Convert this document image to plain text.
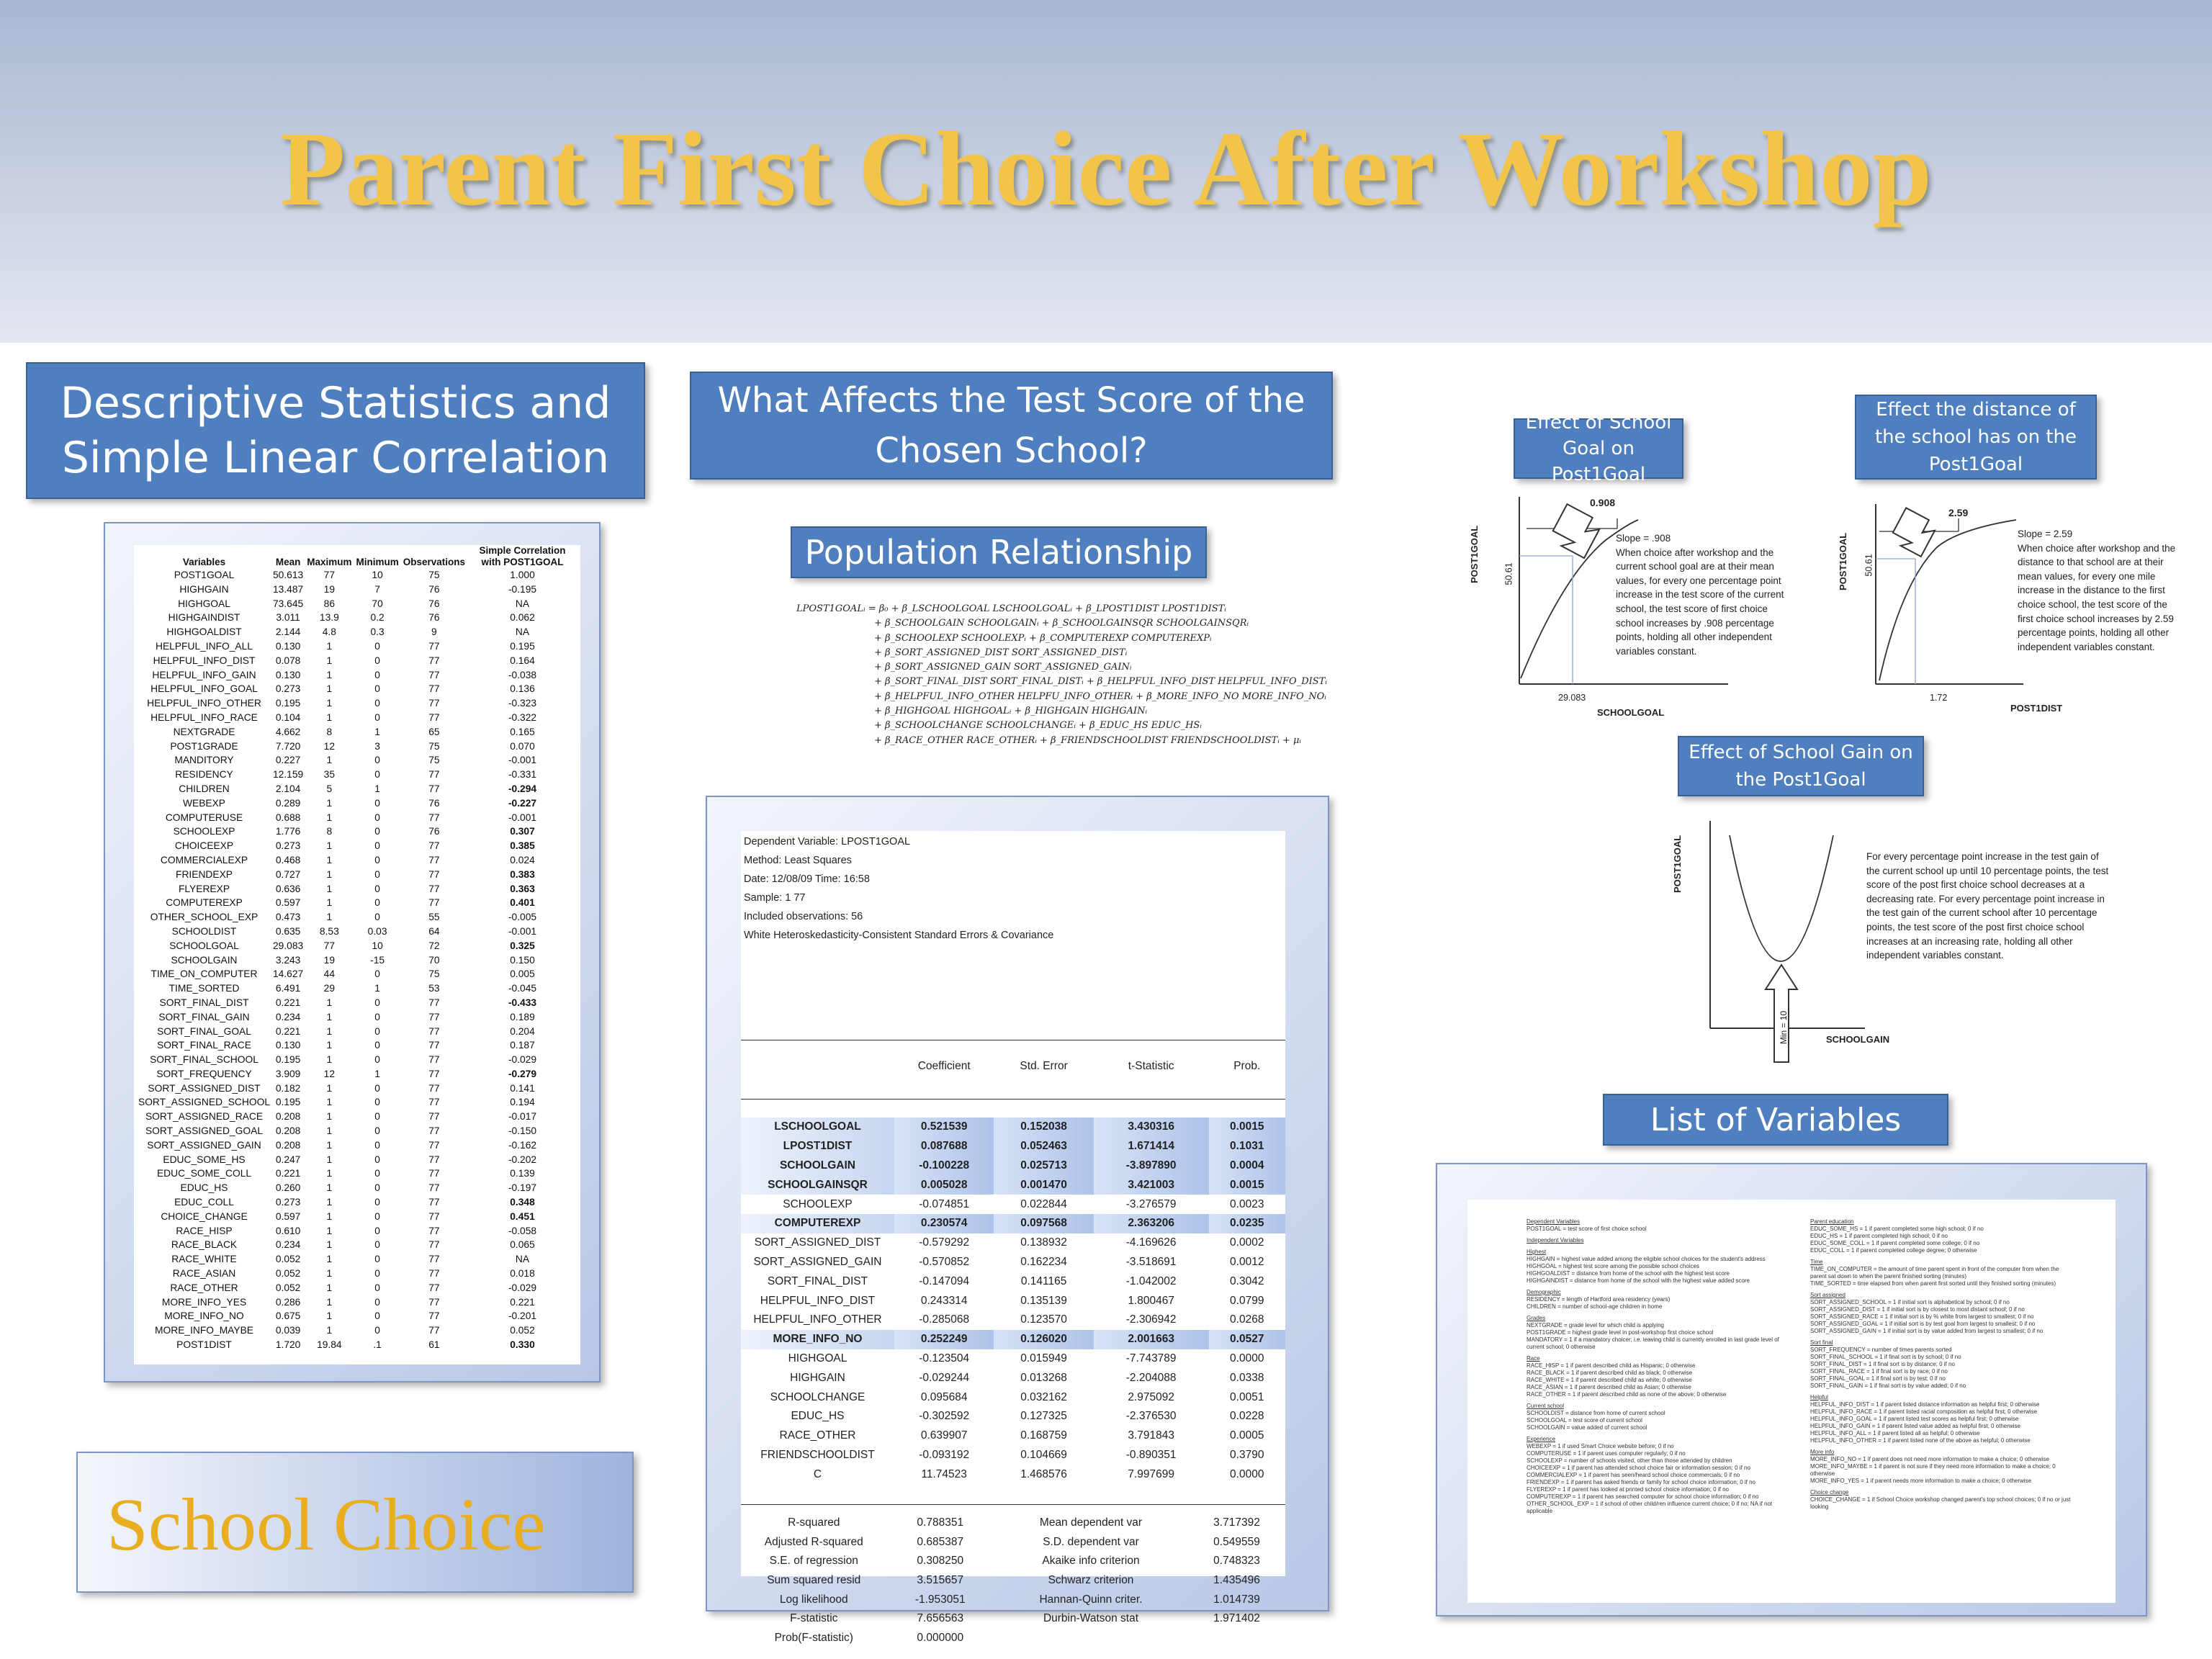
Parent First Choice After Workshop
Descriptive Statistics and Simple Linear Correlation
Variables	Mean	Maximum	Minimum	Observations	Simple Correlation with POST1GOAL
POST1GOAL	50.613	77	10	75	1.000
HIGHGAIN	13.487	19	7	76	-0.195
HIGHGOAL	73.645	86	70	76	NA
HIGHGAINDIST	3.011	13.9	0.2	76	0.062
HIGHGOALDIST	2.144	4.8	0.3	9	NA
HELPFUL_INFO_ALL	0.130	1	0	77	0.195
HELPFUL_INFO_DIST	0.078	1	0	77	0.164
HELPFUL_INFO_GAIN	0.130	1	0	77	-0.038
HELPFUL_INFO_GOAL	0.273	1	0	77	0.136
HELPFUL_INFO_OTHER	0.195	1	0	77	-0.323
HELPFUL_INFO_RACE	0.104	1	0	77	-0.322
NEXTGRADE	4.662	8	1	65	0.165
POST1GRADE	7.720	12	3	75	0.070
MANDITORY	0.227	1	0	75	-0.001
RESIDENCY	12.159	35	0	77	-0.331
CHILDREN	2.104	5	1	77	-0.294
WEBEXP	0.289	1	0	76	-0.227
COMPUTERUSE	0.688	1	0	77	-0.001
SCHOOLEXP	1.776	8	0	76	0.307
CHOICEEXP	0.273	1	0	77	0.385
COMMERCIALEXP	0.468	1	0	77	0.024
FRIENDEXP	0.727	1	0	77	0.383
FLYEREXP	0.636	1	0	77	0.363
COMPUTEREXP	0.597	1	0	77	0.401
OTHER_SCHOOL_EXP	0.473	1	0	55	-0.005
SCHOOLDIST	0.635	8.53	0.03	64	-0.001
SCHOOLGOAL	29.083	77	10	72	0.325
SCHOOLGAIN	3.243	19	-15	70	0.150
TIME_ON_COMPUTER	14.627	44	0	75	0.005
TIME_SORTED	6.491	29	1	53	-0.045
SORT_FINAL_DIST	0.221	1	0	77	-0.433
SORT_FINAL_GAIN	0.234	1	0	77	0.189
SORT_FINAL_GOAL	0.221	1	0	77	0.204
SORT_FINAL_RACE	0.130	1	0	77	0.187
SORT_FINAL_SCHOOL	0.195	1	0	77	-0.029
SORT_FREQUENCY	3.909	12	1	77	-0.279
SORT_ASSIGNED_DIST	0.182	1	0	77	0.141
SORT_ASSIGNED_SCHOOL	0.195	1	0	77	0.194
SORT_ASSIGNED_RACE	0.208	1	0	77	-0.017
SORT_ASSIGNED_GOAL	0.208	1	0	77	-0.150
SORT_ASSIGNED_GAIN	0.208	1	0	77	-0.162
EDUC_SOME_HS	0.247	1	0	77	-0.202
EDUC_SOME_COLL	0.221	1	0	77	0.139
EDUC_HS	0.260	1	0	77	-0.197
EDUC_COLL	0.273	1	0	77	0.348
CHOICE_CHANGE	0.597	1	0	77	0.451
RACE_HISP	0.610	1	0	77	-0.058
RACE_BLACK	0.234	1	0	77	0.065
RACE_WHITE	0.052	1	0	77	NA
RACE_ASIAN	0.052	1	0	77	0.018
RACE_OTHER	0.052	1	0	77	-0.029
MORE_INFO_YES	0.286	1	0	77	0.221
MORE_INFO_NO	0.675	1	0	77	-0.201
MORE_INFO_MAYBE	0.039	1	0	77	0.052
POST1DIST	1.720	19.84	.1	61	0.330
School Choice
What Affects the Test Score of the Chosen School?
Population Relationship
LPOST1GOALᵢ = β₀ + β_LSCHOOLGOAL LSCHOOLGOALᵢ + β_LPOST1DIST LPOST1DISTᵢ
+ β_SCHOOLGAIN SCHOOLGAINᵢ + β_SCHOOLGAINSQR SCHOOLGAINSQRᵢ
+ β_SCHOOLEXP SCHOOLEXPᵢ + β_COMPUTEREXP COMPUTEREXPᵢ
+ β_SORT_ASSIGNED_DIST SORT_ASSIGNED_DISTᵢ
+ β_SORT_ASSIGNED_GAIN SORT_ASSIGNED_GAINᵢ
+ β_SORT_FINAL_DIST SORT_FINAL_DISTᵢ + β_HELPFUL_INFO_DIST HELPFUL_INFO_DISTᵢ
+ β_HELPFUL_INFO_OTHER HELPFU_INFO_OTHERᵢ + β_MORE_INFO_NO MORE_INFO_NOᵢ
+ β_HIGHGOAL HIGHGOALᵢ + β_HIGHGAIN HIGHGAINᵢ
+ β_SCHOOLCHANGE SCHOOLCHANGEᵢ + β_EDUC_HS EDUC_HSᵢ
+ β_RACE_OTHER RACE_OTHERᵢ + β_FRIENDSCHOOLDIST FRIENDSCHOOLDISTᵢ + μᵢ
Dependent Variable: LPOST1GOAL
Method: Least Squares
Date: 12/08/09 Time: 16:58
Sample: 1 77
Included observations: 56
White Heteroskedasticity-Consistent Standard Errors & Covariance
	Coefficient	Std. Error	t-Statistic	Prob.
LSCHOOLGOAL	0.521539	0.152038	3.430316	0.0015
LPOST1DIST	0.087688	0.052463	1.671414	0.1031
SCHOOLGAIN	-0.100228	0.025713	-3.897890	0.0004
SCHOOLGAINSQR	0.005028	0.001470	3.421003	0.0015
SCHOOLEXP	-0.074851	0.022844	-3.276579	0.0023
COMPUTEREXP	0.230574	0.097568	2.363206	0.0235
SORT_ASSIGNED_DIST	-0.579292	0.138932	-4.169626	0.0002
SORT_ASSIGNED_GAIN	-0.570852	0.162234	-3.518691	0.0012
SORT_FINAL_DIST	-0.147094	0.141165	-1.042002	0.3042
HELPFUL_INFO_DIST	0.243314	0.135139	1.800467	0.0799
HELPFUL_INFO_OTHER	-0.285068	0.123570	-2.306942	0.0268
MORE_INFO_NO	0.252249	0.126020	2.001663	0.0527
HIGHGOAL	-0.123504	0.015949	-7.743789	0.0000
HIGHGAIN	-0.029244	0.013268	-2.204088	0.0338
SCHOOLCHANGE	0.095684	0.032162	2.975092	0.0051
EDUC_HS	-0.302592	0.127325	-2.376530	0.0228
RACE_OTHER	0.639907	0.168759	3.791843	0.0005
FRIENDSCHOOLDIST	-0.093192	0.104669	-0.890351	0.3790
C	11.74523	1.468576	7.997699	0.0000
R-squared	0.788351	Mean dependent var	3.717392
Adjusted R-squared	0.685387	S.D. dependent var	0.549559
S.E. of regression	0.308250	Akaike info criterion	0.748323
Sum squared resid	3.515657	Schwarz criterion	1.435496
Log likelihood	-1.953051	Hannan-Quinn criter.	1.014739
F-statistic	7.656563	Durbin-Watson stat	1.971402
Prob(F-statistic)	0.000000		
Effect of School Goal on Post1Goal
POST1GOAL	50.61
0.908
29.083
SCHOOLGOAL
Slope = .908
When choice after workshop and the current school goal are at their mean values, for every one percentage point increase in the test score of the current school, the test score of first choice school increases by .908 percentage points, holding all other independent variables constant.
Effect the distance of the school has on the Post1Goal
POST1GOAL 50.61
2.59
1.72
POST1DIST
Slope = 2.59
When choice after workshop and the distance to that school are at their mean values, for every one mile increase in the distance to the first choice school, the test score of the first choice school increases by 2.59 percentage points, holding all other independent variables constant.
Effect of School Gain on the Post1Goal
POST1GOAL
Min = 10	SCHOOLGAIN
For every percentage point increase in the test gain of the current school up until 10 percentage points, the test score of the post first choice school decreases at a decreasing rate. For every percentage point increase in the test gain of the current school after 10 percentage points, the test score of the post first choice school increases at an increasing rate, holding all other independent variables constant.
List of Variables
Dependent Variables
POST1GOAL = test score of first choice school
Independent Variables
Highest
HIGHGAIN = highest value added among the eligible school choices for the student's address
HIGHGOAL = highest test score among the possible school choices
HIGHGOALDIST = distance from home of the school with the highest test score
HIGHGAINDIST = distance from home of the school with the highest value added score
Demographic
RESIDENCY = length of Hartford area residency (years)
CHILDREN = number of school-age children in home
Grades
NEXTGRADE = grade level for which child is applying
POST1GRADE = highest grade level in post-workshop first choice school
MANDATORY = 1 if a mandatory choicer; i.e. leaving child is currently enrolled in last grade level of current school; 0 otherwise
Race
RACE_HISP = 1 if parent described child as Hispanic; 0 otherwise
RACE_BLACK = 1 if parent described child as black; 0 otherwise
RACE_WHITE = 1 if parent described child as white; 0 otherwise
RACE_ASIAN = 1 if parent described child as Asian; 0 otherwise
RACE_OTHER = 1 if parent described child as none of the above; 0 otherwise
Current school
SCHOOLDIST = distance from home of current school
SCHOOLGOAL = test score of current school
SCHOOLGAIN = value added of current school
Experience
WEBEXP = 1 if used Smart Choice website before; 0 if no
COMPUTERUSE = 1 if parent uses computer regularly; 0 if no
SCHOOLEXP = number of schools visited, other than those attended by children
CHOICEEXP = 1 if parent has attended school choice fair or information session; 0 if no
COMMERCIALEXP = 1 if parent has seen/heard school choice commercials; 0 if no
FRIENDEXP = 1 if parent has asked friends or family for school choice information; 0 if no
FLYEREXP = 1 if parent has looked at printed school choice information; 0 if no
COMPUTEREXP = 1 if parent has searched computer for school choice information; 0 if no
OTHER_SCHOOL_EXP = 1 if school of other child/ren influence current choice; 0 if no; NA if not applicable
Parent education
EDUC_SOME_HS = 1 if parent completed some high school; 0 if no
EDUC_HS = 1 if parent completed high school; 0 if no
EDUC_SOME_COLL = 1 if parent completed some college; 0 if no
EDUC_COLL = 1 if parent completed college degree; 0 otherwise
Time
TIME_ON_COMPUTER = the amount of time parent spent in front of the computer from when the parent sat down to when the parent finished sorting (minutes)
TIME_SORTED = time elapsed from when parent first sorted until they finished sorting (minutes)
Sort assigned
SORT_ASSIGNED_SCHOOL = 1 if initial sort is alphabetical by school; 0 if no
SORT_ASSIGNED_DIST = 1 if initial sort is by closest to most distant school; 0 if no
SORT_ASSIGNED_RACE = 1 if initial sort is by % white from largest to smallest; 0 if no
SORT_ASSIGNED_GOAL = 1 if initial sort is by test goal from largest to smallest; 0 if no
SORT_ASSIGNED_GAIN = 1 if initial sort is by value added from largest to smallest; 0 if no
Sort final
SORT_FREQUENCY = number of times parents sorted
SORT_FINAL_SCHOOL = 1 if final sort is by school; 0 if no
SORT_FINAL_DIST = 1 if final sort is by distance; 0 if no
SORT_FINAL_RACE = 1 if final sort is by race; 0 if no
SORT_FINAL_GOAL = 1 if final sort is by test; 0 if no
SORT_FINAL_GAIN = 1 if final sort is by value added; 0 if no
Helpful
HELPFUL_INFO_DIST = 1 if parent listed distance information as helpful first; 0 otherwise
HELPFUL_INFO_RACE = 1 if parent listed racial composition as helpful first; 0 otherwise
HELPFUL_INFO_GOAL = 1 if parent listed test scores as helpful first; 0 otherwise
HELPFUL_INFO_GAIN = 1 if parent listed value added as helpful first; 0 otherwise
HELPFUL_INFO_ALL = 1 if parent listed all as helpful; 0 otherwise
HELPFUL_INFO_OTHER = 1 if parent listed none of the above as helpful; 0 otherwise
More info
MORE_INFO_NO = 1 if parent does not need more information to make a choice; 0 otherwise
MORE_INFO_MAYBE = 1 if parent is not sure if they need more information to make a choice; 0 otherwise
MORE_INFO_YES = 1 if parent needs more information to make a choice; 0 otherwise
Choice change
CHOICE_CHANGE = 1 if School Choice workshop changed parent's top school choices; 0 if no or just looking
